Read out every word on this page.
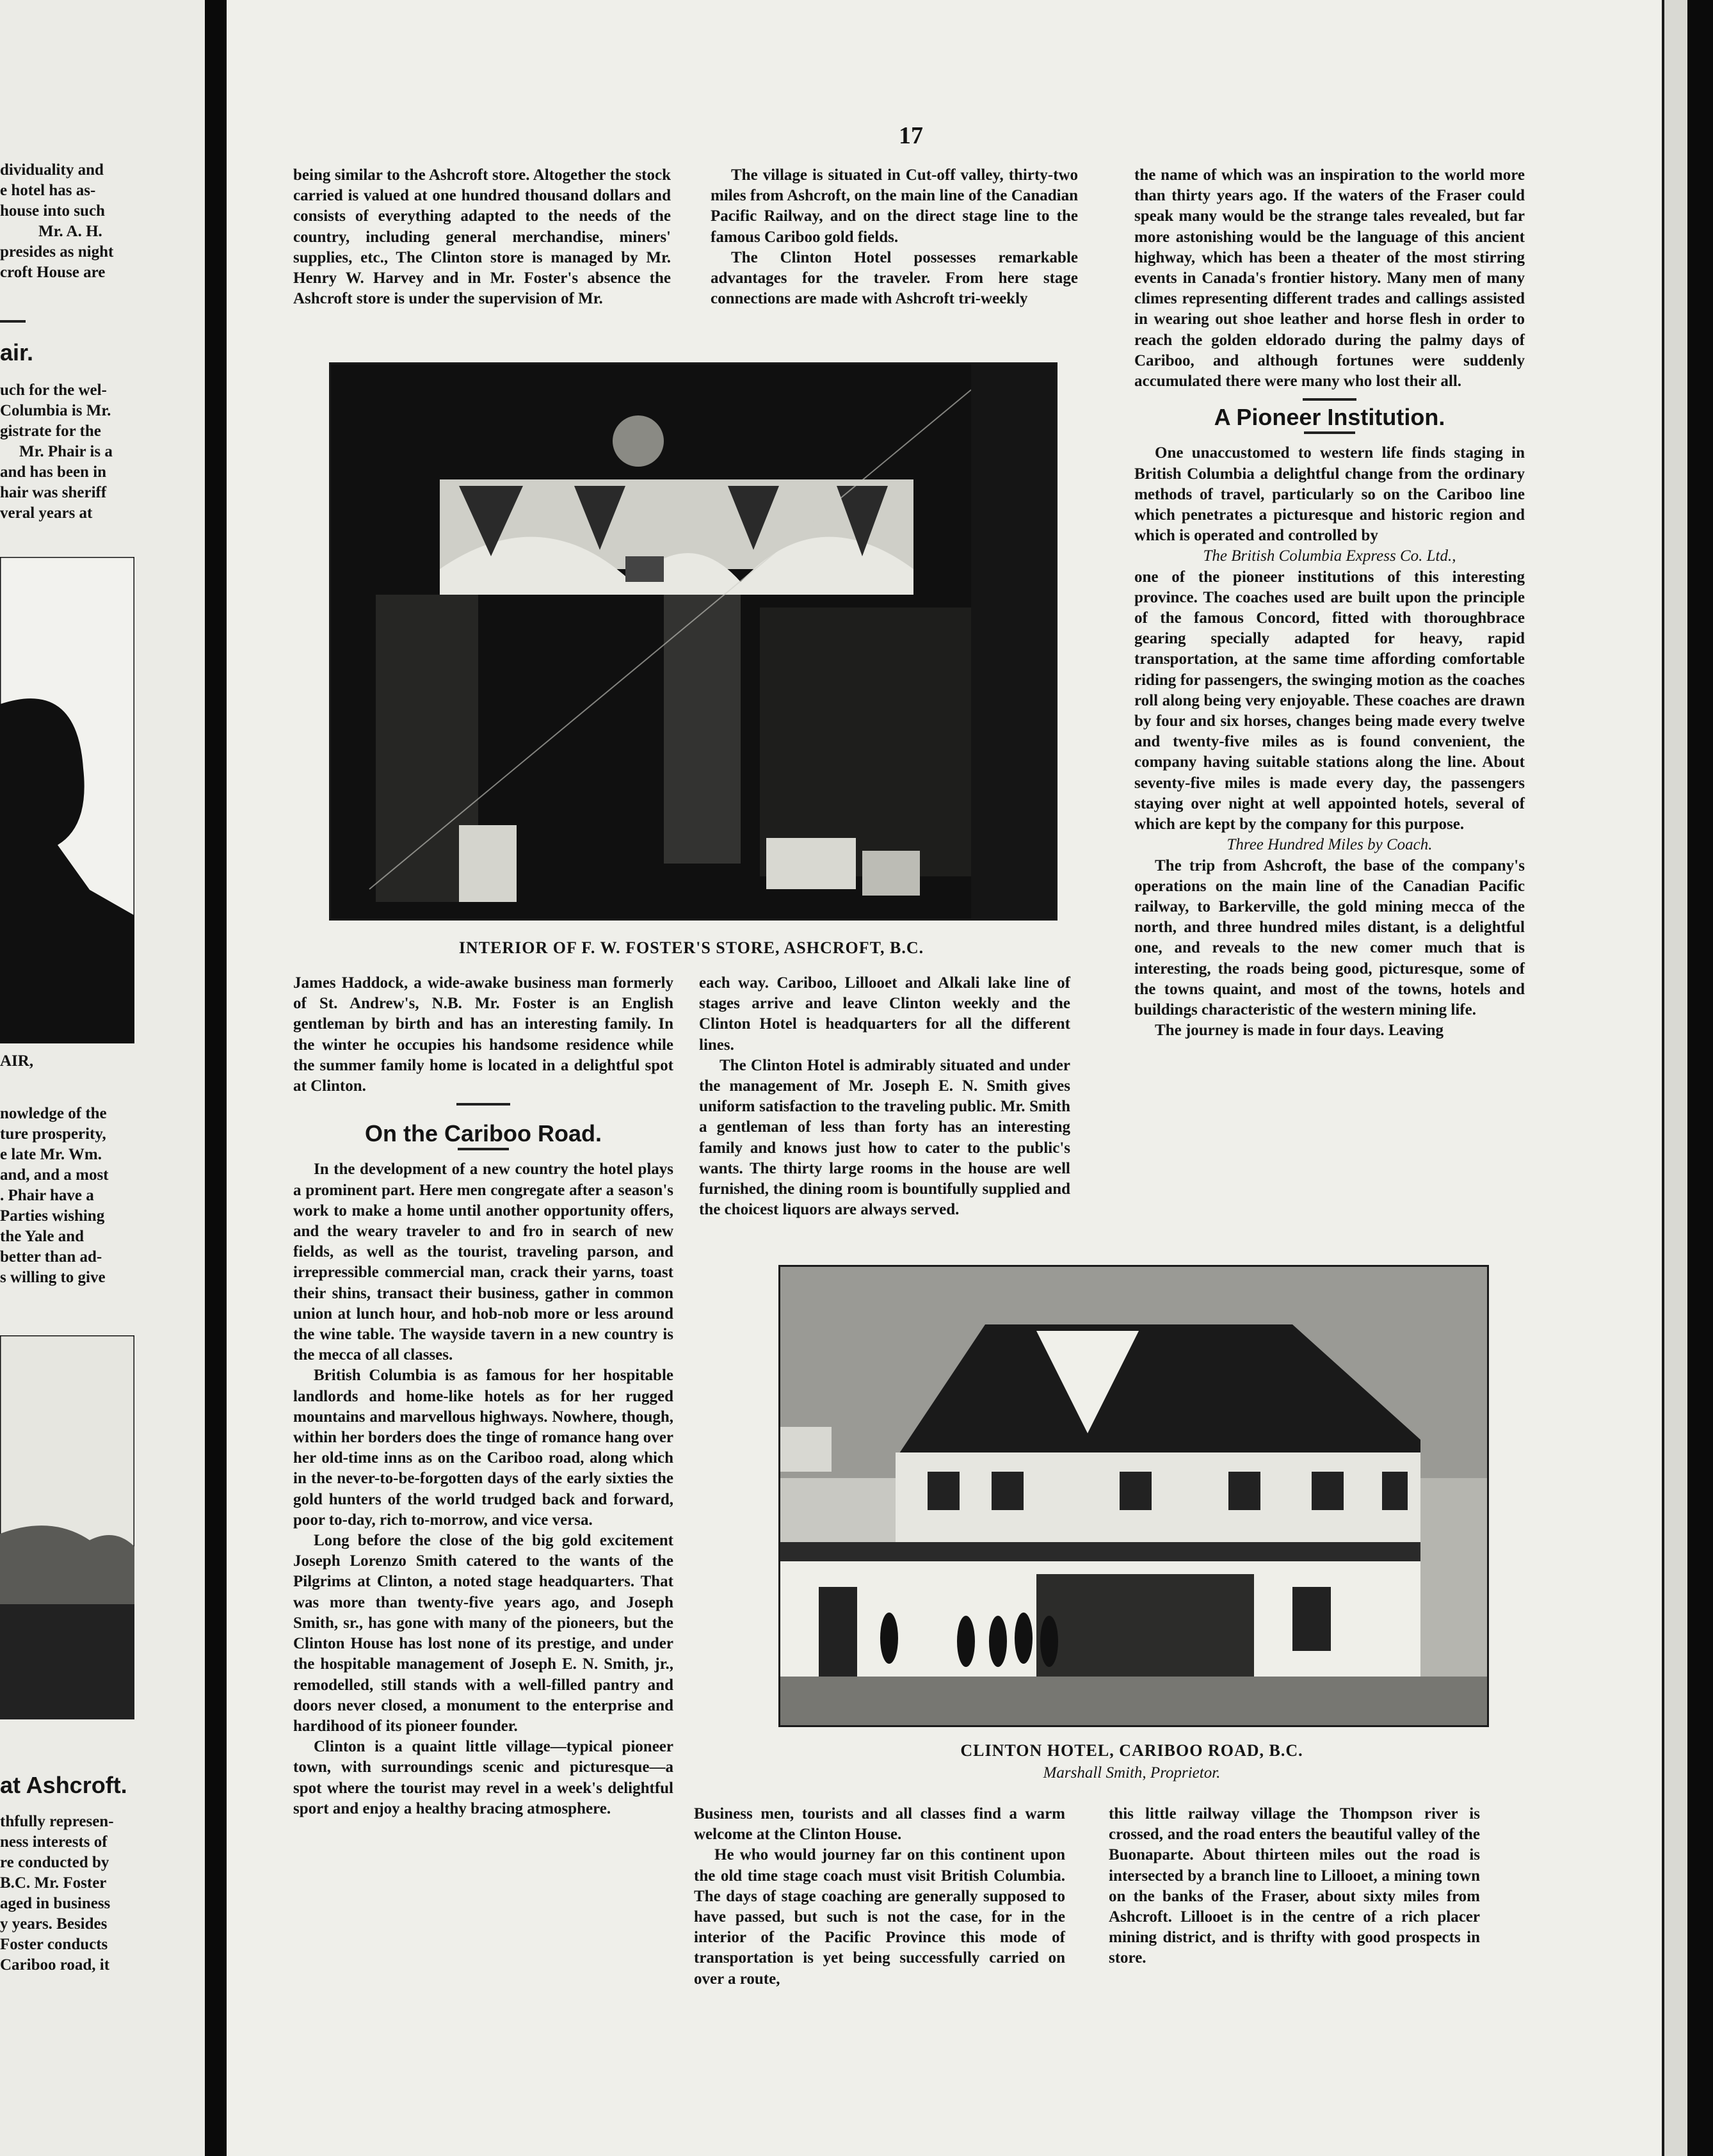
dividuality and
e hotel has as-
house into such
Mr. A. H.
presides as night
croft House are
air.
uch for the wel-
Columbia is Mr.
gistrate for the
Mr. Phair is a
and has been in
hair was sheriff
veral years at
AIR,
nowledge of the
ture prosperity,
e late Mr. Wm.
and, and a most
. Phair have a
Parties wishing
the Yale and
better than ad-
s willing to give
at Ashcroft.
thfully represen-
ness interests of
re conducted by
B.C. Mr. Foster
aged in business
y years. Besides
Foster conducts
Cariboo road, it
17

being similar to the Ashcroft store. Altogether the stock carried is valued at one hundred thousand dollars and consists of everything adapted to the needs of the country, including general merchandise, miners' supplies, etc., The Clinton store is managed by Mr. Henry W. Harvey and in Mr. Foster's absence the Ashcroft store is under the supervision of Mr.

The village is situated in Cut-off valley, thirty-two miles from Ashcroft, on the main line of the Canadian Pacific Railway, and on the direct stage line to the famous Cariboo gold fields.

The Clinton Hotel possesses remarkable advantages for the traveler. From here stage connections are made with Ashcroft tri-weekly

INTERIOR OF F. W. FOSTER'S STORE, ASHCROFT, B.C.

James Haddock, a wide-awake business man formerly of St. Andrew's, N.B. Mr. Foster is an English gentleman by birth and has an interesting family. In the winter he occupies his handsome residence while the summer family home is located in a delightful spot at Clinton.

On the Cariboo Road.

In the development of a new country the hotel plays a prominent part. Here men congregate after a season's work to make a home until another opportunity offers, and the weary traveler to and fro in search of new fields, as well as the tourist, traveling parson, and irrepressible commercial man, crack their yarns, toast their shins, transact their business, gather in common union at lunch hour, and hob-nob more or less around the wine table. The wayside tavern in a new country is the mecca of all classes.

British Columbia is as famous for her hospitable landlords and home-like hotels as for her rugged mountains and marvellous highways. Nowhere, though, within her borders does the tinge of romance hang over her old-time inns as on the Cariboo road, along which in the never-to-be-forgotten days of the early sixties the gold hunters of the world trudged back and forward, poor to-day, rich to-morrow, and vice versa.

Long before the close of the big gold excitement Joseph Lorenzo Smith catered to the wants of the Pilgrims at Clinton, a noted stage headquarters. That was more than twenty-five years ago, and Joseph Smith, sr., has gone with many of the pioneers, but the Clinton House has lost none of its prestige, and under the hospitable management of Joseph E. N. Smith, jr., remodelled, still stands with a well-filled pantry and doors never closed, a monument to the enterprise and hardihood of its pioneer founder.

Clinton is a quaint little village—typical pioneer town, with surroundings scenic and picturesque—a spot where the tourist may revel in a week's delightful sport and enjoy a healthy bracing atmosphere.

each way. Cariboo, Lillooet and Alkali lake line of stages arrive and leave Clinton weekly and the Clinton Hotel is headquarters for all the different lines.

The Clinton Hotel is admirably situated and under the management of Mr. Joseph E. N. Smith gives uniform satisfaction to the traveling public. Mr. Smith a gentleman of less than forty has an interesting family and knows just how to cater to the public's wants. The thirty large rooms in the house are well furnished, the dining room is bountifully supplied and the choicest liquors are always served.

the name of which was an inspiration to the world more than thirty years ago. If the waters of the Fraser could speak many would be the strange tales revealed, but far more astonishing would be the language of this ancient highway, which has been a theater of the most stirring events in Canada's frontier history. Many men of many climes representing different trades and callings assisted in wearing out shoe leather and horse flesh in order to reach the golden eldorado during the palmy days of Cariboo, and although fortunes were suddenly accumulated there were many who lost their all.

A Pioneer Institution.

One unaccustomed to western life finds staging in British Columbia a delightful change from the ordinary methods of travel, particularly so on the Cariboo line which penetrates a picturesque and historic region and which is operated and controlled by

The British Columbia Express Co. Ltd.,

one of the pioneer institutions of this interesting province. The coaches used are built upon the principle of the famous Concord, fitted with thoroughbrace gearing specially adapted for heavy, rapid transportation, at the same time affording comfortable riding for passengers, the swinging motion as the coaches roll along being very enjoyable. These coaches are drawn by four and six horses, changes being made every twelve and twenty-five miles as is found convenient, the company having suitable stations along the line. About seventy-five miles is made every day, the passengers staying over night at well appointed hotels, several of which are kept by the company for this purpose.

Three Hundred Miles by Coach.

The trip from Ashcroft, the base of the company's operations on the main line of the Canadian Pacific railway, to Barkerville, the gold mining mecca of the north, and three hundred miles distant, is a delightful one, and reveals to the new comer much that is interesting, the roads being good, picturesque, some of the towns quaint, and most of the towns, hotels and buildings characteristic of the western mining life.

The journey is made in four days. Leaving

CLINTON HOTEL, CARIBOO ROAD, B.C.
Marshall Smith, Proprietor.

Business men, tourists and all classes find a warm welcome at the Clinton House.

He who would journey far on this continent upon the old time stage coach must visit British Columbia. The days of stage coaching are generally supposed to have passed, but such is not the case, for in the interior of the Pacific Province this mode of transportation is yet being successfully carried on over a route,

this little railway village the Thompson river is crossed, and the road enters the beautiful valley of the Buonaparte. About thirteen miles out the road is intersected by a branch line to Lillooet, a mining town on the banks of the Fraser, about sixty miles from Ashcroft. Lillooet is in the centre of a rich placer mining district, and is thrifty with good prospects in store.
